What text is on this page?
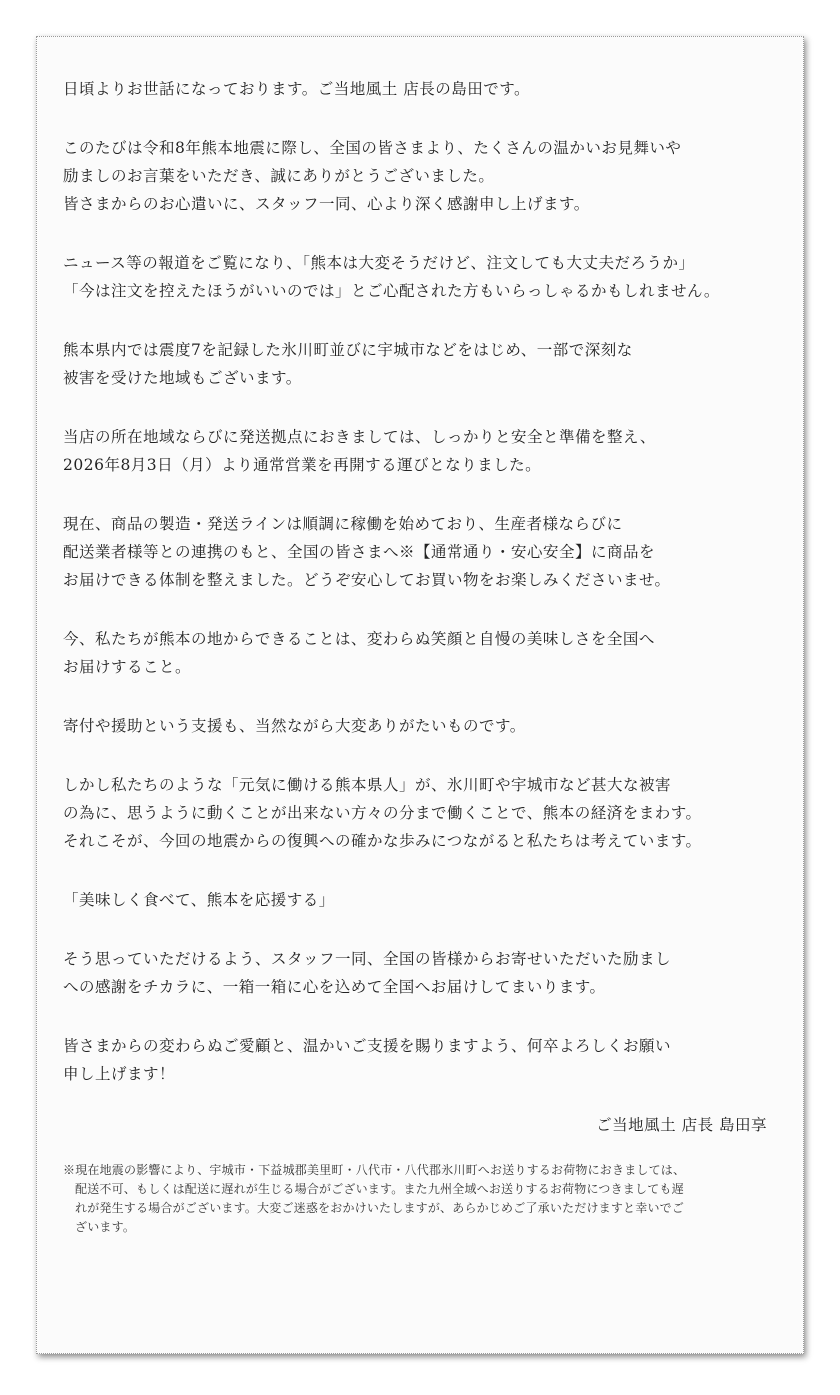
日頃よりお世話になっております。ご当地風土 店長の島田です。

このたびは令和8年熊本地震に際し、全国の皆さまより、たくさんの温かいお見舞いや
励ましのお言葉をいただき、誠にありがとうございました。
皆さまからのお心遣いに、スタッフ一同、心より深く感謝申し上げます。

ニュース等の報道をご覧になり、「熊本は大変そうだけど、注文しても大丈夫だろうか」
「今は注文を控えたほうがいいのでは」とご心配された方もいらっしゃるかもしれません。

熊本県内では震度7を記録した氷川町並びに宇城市などをはじめ、一部で深刻な
被害を受けた地域もございます。

当店の所在地域ならびに発送拠点におきましては、しっかりと安全と準備を整え、
2026年8月3日（月）より通常営業を再開する運びとなりました。

現在、商品の製造・発送ラインは順調に稼働を始めており、生産者様ならびに
配送業者様等との連携のもと、全国の皆さまへ※【通常通り・安心安全】に商品を
お届けできる体制を整えました。どうぞ安心してお買い物をお楽しみくださいませ。

今、私たちが熊本の地からできることは、変わらぬ笑顔と自慢の美味しさを全国へ
お届けすること。

寄付や援助という支援も、当然ながら大変ありがたいものです。

しかし私たちのような「元気に働ける熊本県人」が、氷川町や宇城市など甚大な被害
の為に、思うように動くことが出来ない方々の分まで働くことで、熊本の経済をまわす。
それこそが、今回の地震からの復興への確かな歩みにつながると私たちは考えています。

「美味しく食べて、熊本を応援する」

そう思っていただけるよう、スタッフ一同、全国の皆様からお寄せいただいた励まし
への感謝をチカラに、一箱一箱に心を込めて全国へお届けしてまいります。

皆さまからの変わらぬご愛顧と、温かいご支援を賜りますよう、何卒よろしくお願い
申し上げます！

ご当地風土 店長 島田享
※現在地震の影響により、宇城市・下益城郡美里町・八代市・八代郡氷川町へお送りするお荷物におきましては、
配送不可、もしくは配送に遅れが生じる場合がございます。また九州全域へお送りするお荷物につきましても遅
れが発生する場合がございます。大変ご迷惑をおかけいたしますが、あらかじめご了承いただけますと幸いでご
ざいます。
